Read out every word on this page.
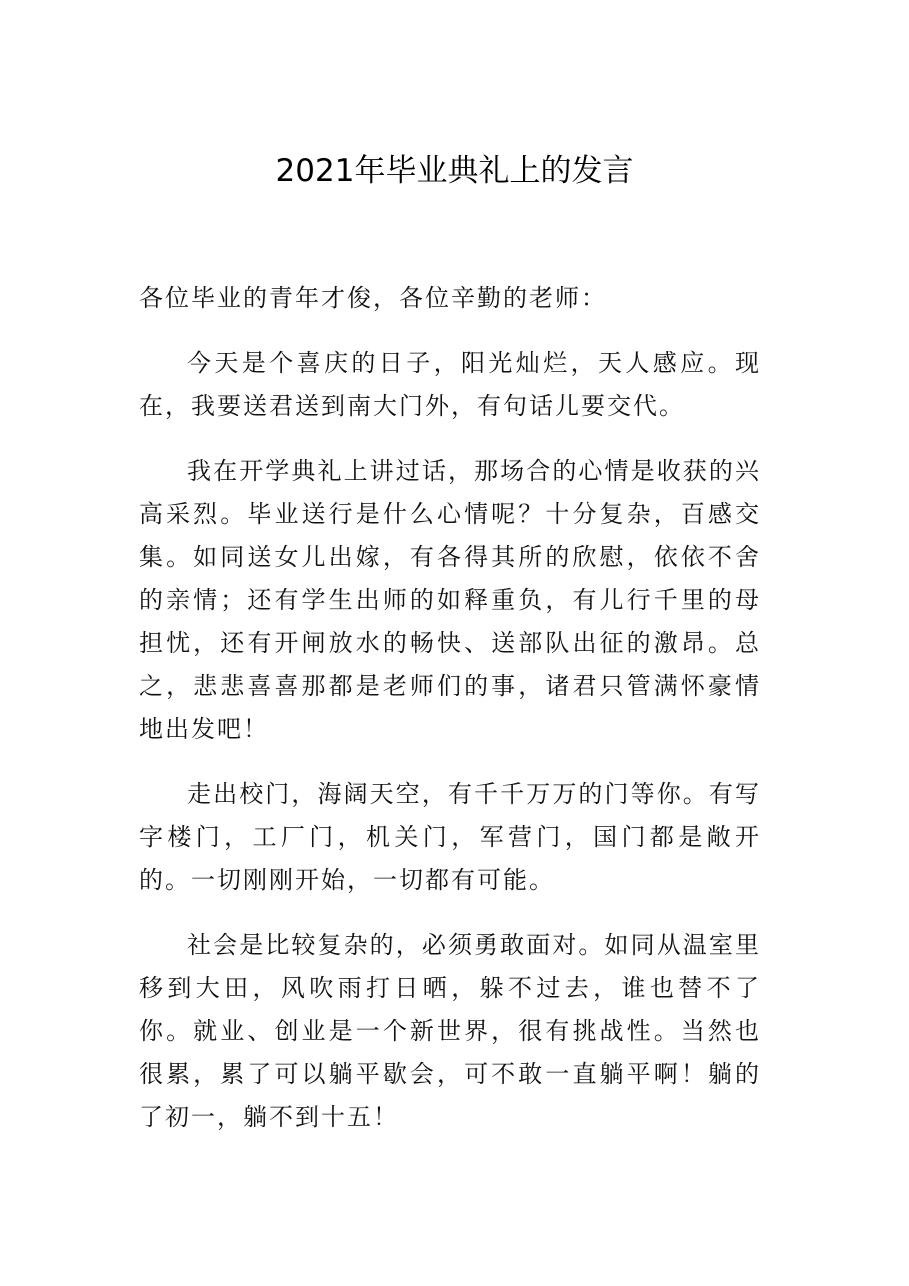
2021年毕业典礼上的发言

各位毕业的青年才俊，各位辛勤的老师：

今天是个喜庆的日子，阳光灿烂，天人感应。现在，我要送君送到南大门外，有句话儿要交代。

我在开学典礼上讲过话，那场合的心情是收获的兴高采烈。毕业送行是什么心情呢？十分复杂，百感交集。如同送女儿出嫁，有各得其所的欣慰，依依不舍的亲情；还有学生出师的如释重负，有儿行千里的母担忧，还有开闸放水的畅快、送部队出征的激昂。总之，悲悲喜喜那都是老师们的事，诸君只管满怀豪情地出发吧！

走出校门，海阔天空，有千千万万的门等你。有写字楼门，工厂门，机关门，军营门，国门都是敞开的。一切刚刚开始，一切都有可能。

社会是比较复杂的，必须勇敢面对。如同从温室里移到大田，风吹雨打日晒，躲不过去，谁也替不了你。就业、创业是一个新世界，很有挑战性。当然也很累，累了可以躺平歇会，可不敢一直躺平啊！躺的了初一，躺不到十五！
